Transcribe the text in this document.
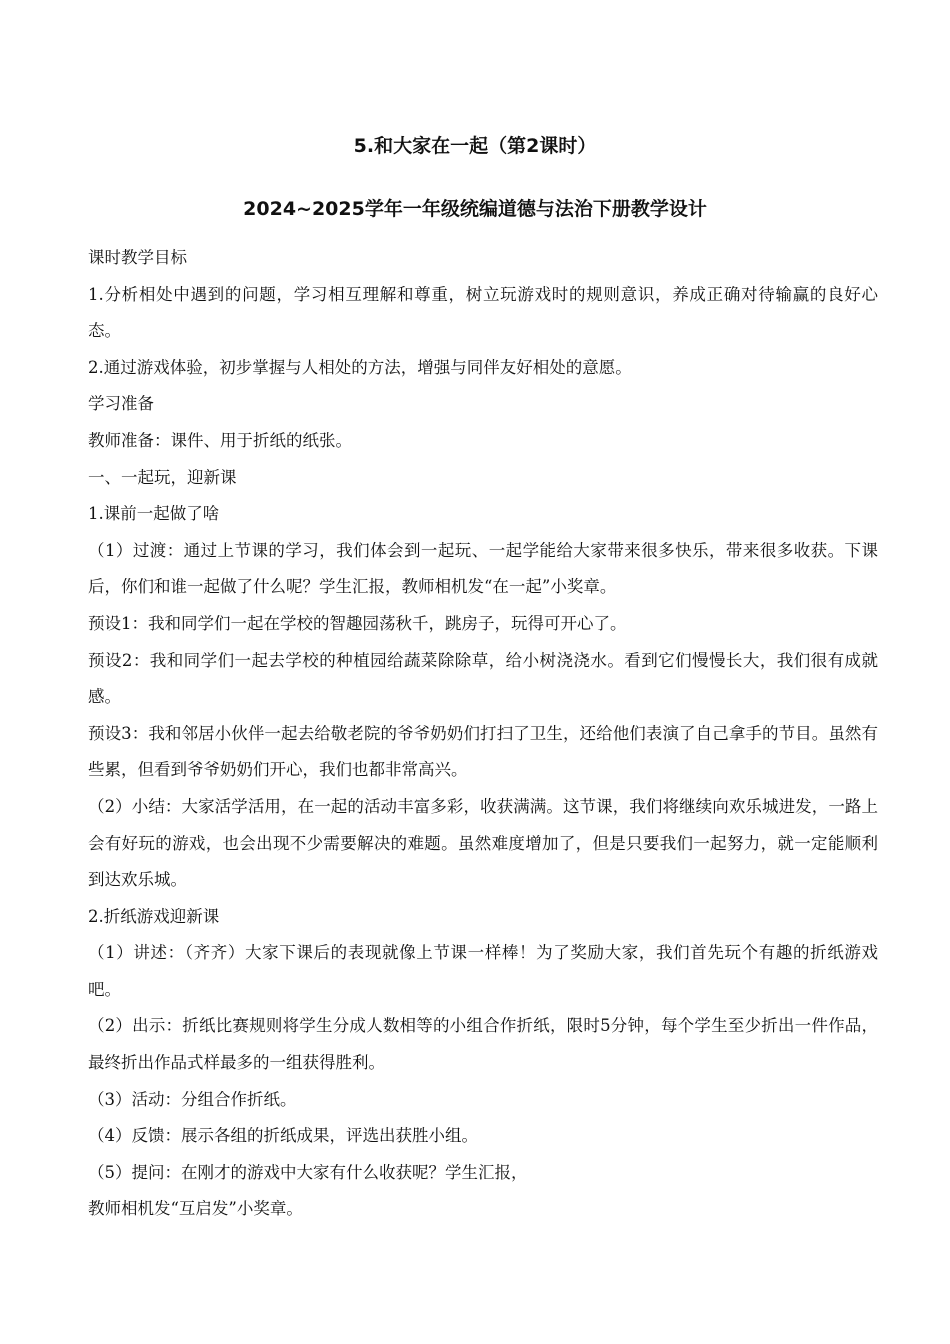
5.和大家在一起（第2课时）
2024~2025学年一年级统编道德与法治下册教学设计

课时教学目标

1.分析相处中遇到的问题，学习相互理解和尊重，树立玩游戏时的规则意识，养成正确对待输赢的良好心态。

2.通过游戏体验，初步掌握与人相处的方法，增强与同伴友好相处的意愿。

学习准备

教师准备：课件、用于折纸的纸张。

一、一起玩，迎新课

1.课前一起做了啥

（1）过渡：通过上节课的学习，我们体会到一起玩、一起学能给大家带来很多快乐，带来很多收获。下课后，你们和谁一起做了什么呢？学生汇报，教师相机发“在一起”小奖章。

预设1：我和同学们一起在学校的智趣园荡秋千，跳房子，玩得可开心了。

预设2：我和同学们一起去学校的种植园给蔬菜除除草，给小树浇浇水。看到它们慢慢长大，我们很有成就感。

预设3：我和邻居小伙伴一起去给敬老院的爷爷奶奶们打扫了卫生，还给他们表演了自己拿手的节目。虽然有些累，但看到爷爷奶奶们开心，我们也都非常高兴。

（2）小结：大家活学活用，在一起的活动丰富多彩，收获满满。这节课，我们将继续向欢乐城进发，一路上会有好玩的游戏，也会出现不少需要解决的难题。虽然难度增加了，但是只要我们一起努力，就一定能顺利到达欢乐城。

2.折纸游戏迎新课

（1）讲述：（齐齐）大家下课后的表现就像上节课一样棒！为了奖励大家，我们首先玩个有趣的折纸游戏吧。

（2）出示：折纸比赛规则将学生分成人数相等的小组合作折纸，限时5分钟，每个学生至少折出一件作品，最终折出作品式样最多的一组获得胜利。

（3）活动：分组合作折纸。

（4）反馈：展示各组的折纸成果，评选出获胜小组。

（5）提问：在刚才的游戏中大家有什么收获呢？学生汇报，

教师相机发“互启发”小奖章。
